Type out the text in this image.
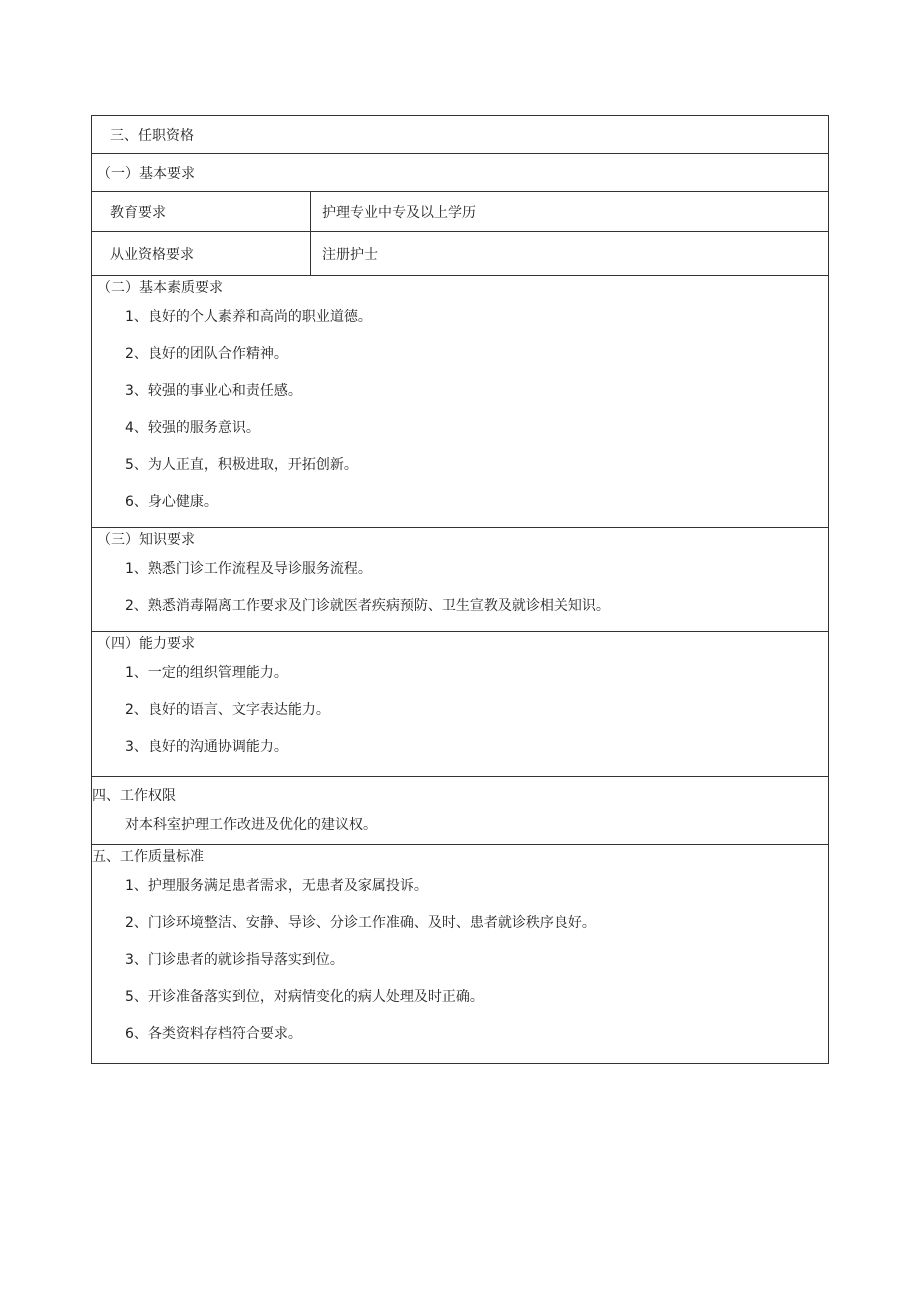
三、任职资格
（一）基本要求
教育要求	护理专业中专及以上学历
从业资格要求	注册护士
（二）基本素质要求
1、良好的个人素养和高尚的职业道德。
2、良好的团队合作精神。
3、较强的事业心和责任感。
4、较强的服务意识。
5、为人正直，积极进取，开拓创新。
6、身心健康。
（三）知识要求
1、熟悉门诊工作流程及导诊服务流程。
2、熟悉消毒隔离工作要求及门诊就医者疾病预防、卫生宣教及就诊相关知识。
（四）能力要求
1、一定的组织管理能力。
2、良好的语言、文字表达能力。
3、良好的沟通协调能力。
四、工作权限
对本科室护理工作改进及优化的建议权。
五、工作质量标准
1、护理服务满足患者需求，无患者及家属投诉。
2、门诊环境整洁、安静、导诊、分诊工作准确、及时、患者就诊秩序良好。
3、门诊患者的就诊指导落实到位。
5、开诊准备落实到位，对病情变化的病人处理及时正确。
6、各类资料存档符合要求。
